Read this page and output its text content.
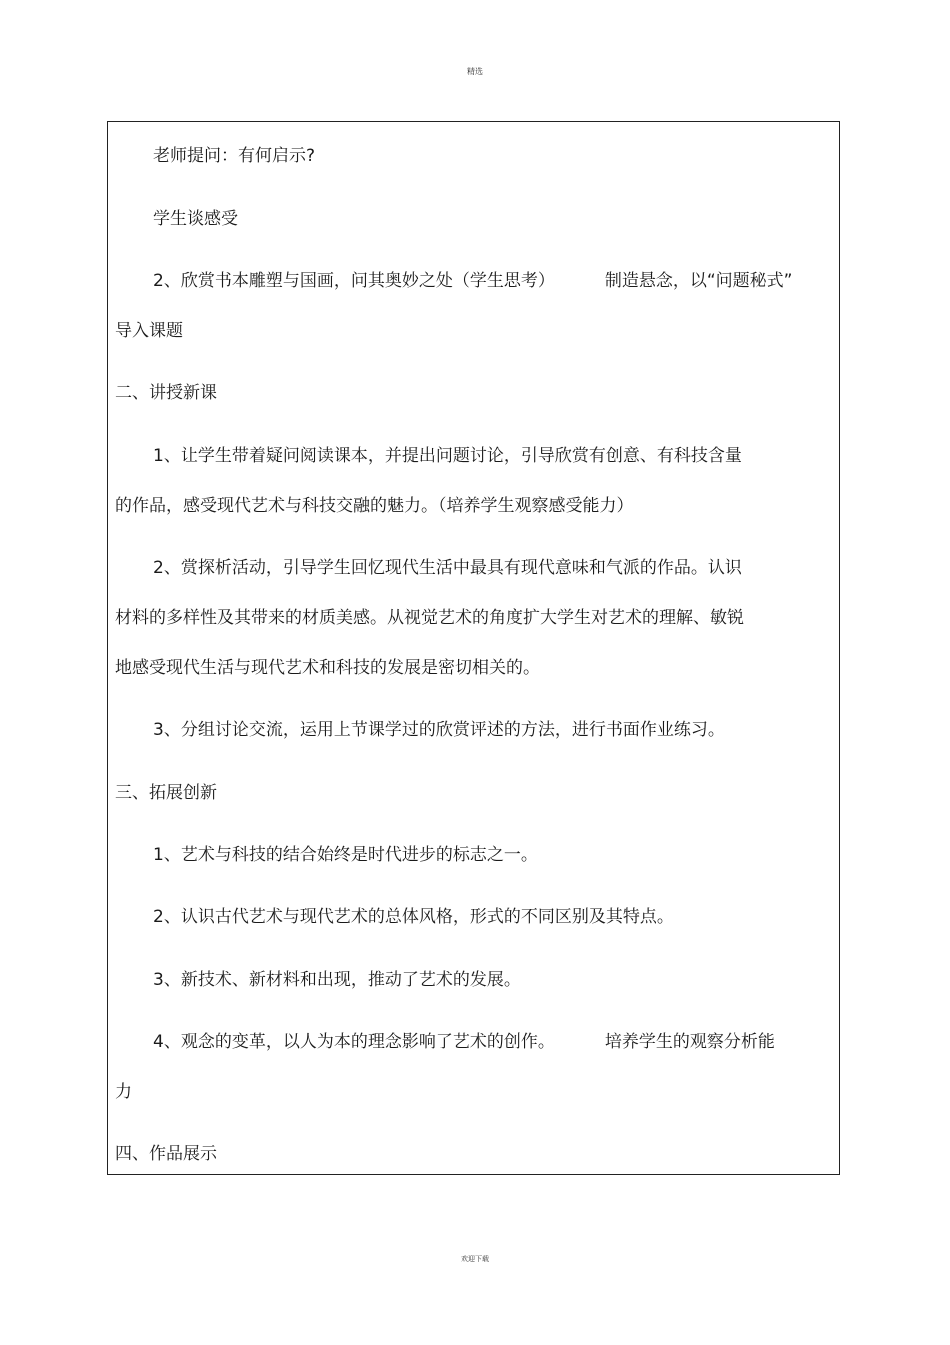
精选
老师提问：有何启示?
学生谈感受
2、欣赏书本雕塑与国画，问其奥妙之处（学生思考）	制造悬念，以“问题秘式”
导入课题
二、讲授新课
1、让学生带着疑问阅读课本，并提出问题讨论，引导欣赏有创意、有科技含量
的作品，感受现代艺术与科技交融的魅力。（培养学生观察感受能力）
2、赏探析活动，引导学生回忆现代生活中最具有现代意味和气派的作品。认识
材料的多样性及其带来的材质美感。从视觉艺术的角度扩大学生对艺术的理解、敏锐
地感受现代生活与现代艺术和科技的发展是密切相关的。
3、分组讨论交流，运用上节课学过的欣赏评述的方法，进行书面作业练习。
三、拓展创新
1、艺术与科技的结合始终是时代进步的标志之一。
2、认识古代艺术与现代艺术的总体风格，形式的不同区别及其特点。
3、新技术、新材料和出现，推动了艺术的发展。
4、观念的变革，以人为本的理念影响了艺术的创作。	培养学生的观察分析能
力
四、作品展示
欢迎下载
